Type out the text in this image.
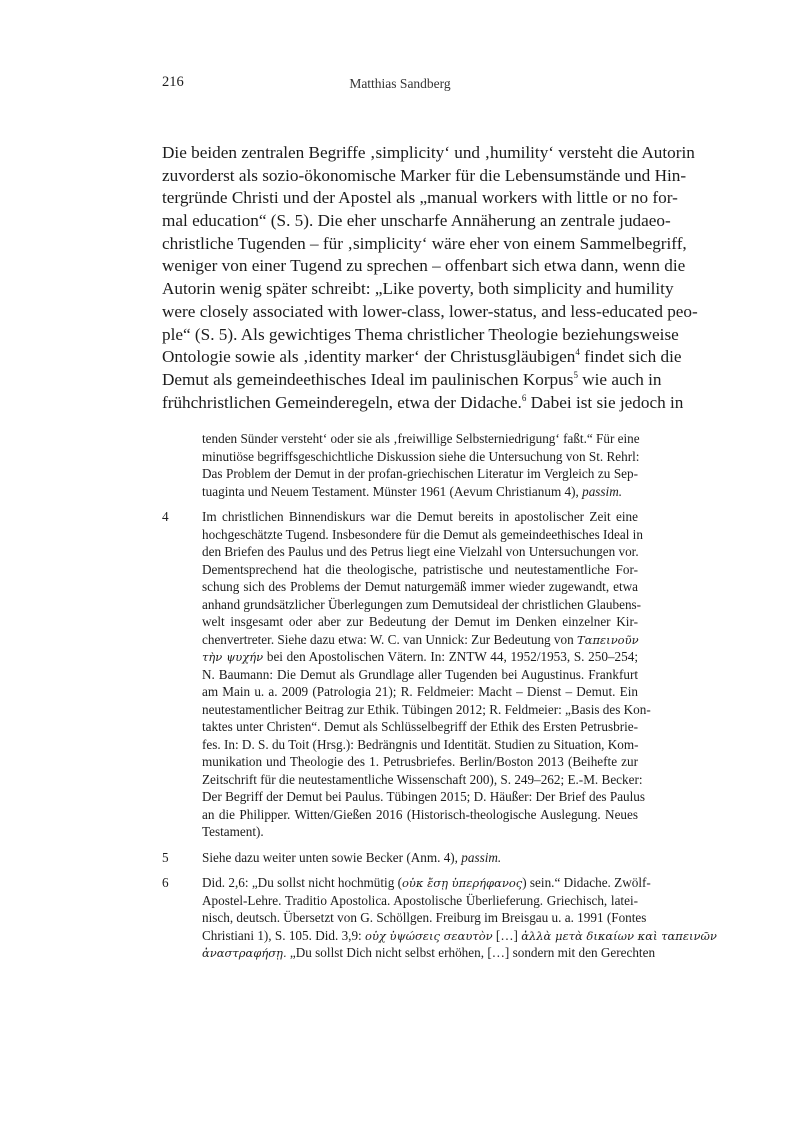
216	Matthias Sandberg
Die beiden zentralen Begriffe ‚simplicity‘ und ‚humility‘ versteht die Autorin
zuvorderst als sozio-ökonomische Marker für die Lebensumstände und Hin-
tergründe Christi und der Apostel als „manual workers with little or no for-
mal education“ (S. 5). Die eher unscharfe Annäherung an zentrale judaeo-
christliche Tugenden – für ‚simplicity‘ wäre eher von einem Sammelbegriff,
weniger von einer Tugend zu sprechen – offenbart sich etwa dann, wenn die
Autorin wenig später schreibt: „Like poverty, both simplicity and humility
were closely associated with lower-class, lower-status, and less-educated peo-
ple“ (S. 5). Als gewichtiges Thema christlicher Theologie beziehungsweise
Ontologie sowie als ‚identity marker‘ der Christusgläubigen$^4$ findet sich die
Demut als gemeindeethisches Ideal im paulinischen Korpus$^5$ wie auch in
frühchristlichen Gemeinderegeln, etwa der Didache.$^6$ Dabei ist sie jedoch in
tenden Sünder versteht‘ oder sie als ‚freiwillige Selbsterniedrigung‘ faßt.“ Für eine
minutiöse begriffsgeschichtliche Diskussion siehe die Untersuchung von St. Rehrl:
Das Problem der Demut in der profan-griechischen Literatur im Vergleich zu Sep-
tuaginta und Neuem Testament. Münster 1961 (Aevum Christianum 4), passim.
4	Im christlichen Binnendiskurs war die Demut bereits in apostolischer Zeit eine
hochgeschätzte Tugend. Insbesondere für die Demut als gemeindeethisches Ideal in
den Briefen des Paulus und des Petrus liegt eine Vielzahl von Untersuchungen vor.
Dementsprechend hat die theologische, patristische und neutestamentliche For-
schung sich des Problems der Demut naturgemäß immer wieder zugewandt, etwa
anhand grundsätzlicher Überlegungen zum Demutsideal der christlichen Glaubens-
welt insgesamt oder aber zur Bedeutung der Demut im Denken einzelner Kir-
chenvertreter. Siehe dazu etwa: W. C. van Unnick: Zur Bedeutung von Ταπεινοῦν
τὴν ψυχήν bei den Apostolischen Vätern. In: ZNTW 44, 1952/1953, S. 250–254;
N. Baumann: Die Demut als Grundlage aller Tugenden bei Augustinus. Frankfurt
am Main u. a. 2009 (Patrologia 21); R. Feldmeier: Macht – Dienst – Demut. Ein
neutestamentlicher Beitrag zur Ethik. Tübingen 2012; R. Feldmeier: „Basis des Kon-
taktes unter Christen“. Demut als Schlüsselbegriff der Ethik des Ersten Petrusbrie-
fes. In: D. S. du Toit (Hrsg.): Bedrängnis und Identität. Studien zu Situation, Kom-
munikation und Theologie des 1. Petrusbriefes. Berlin/Boston 2013 (Beihefte zur
Zeitschrift für die neutestamentliche Wissenschaft 200), S. 249–262; E.-M. Becker:
Der Begriff der Demut bei Paulus. Tübingen 2015; D. Häußer: Der Brief des Paulus
an die Philipper. Witten/Gießen 2016 (Historisch-theologische Auslegung. Neues
Testament).
5	Siehe dazu weiter unten sowie Becker (Anm. 4), passim.
6	Did. 2,6: „Du sollst nicht hochmütig (οὐκ ἔσῃ ὑπερήφανος) sein.“ Didache. Zwölf-
Apostel-Lehre. Traditio Apostolica. Apostolische Überlieferung. Griechisch, latei-
nisch, deutsch. Übersetzt von G. Schöllgen. Freiburg im Breisgau u. a. 1991 (Fontes
Christiani 1), S. 105. Did. 3,9: οὐχ ὑψώσεις σεαυτὸν […] ἀλλὰ μετὰ δικαίων καὶ ταπεινῶν
ἀναστραφήσῃ. „Du sollst Dich nicht selbst erhöhen, […] sondern mit den Gerechten
